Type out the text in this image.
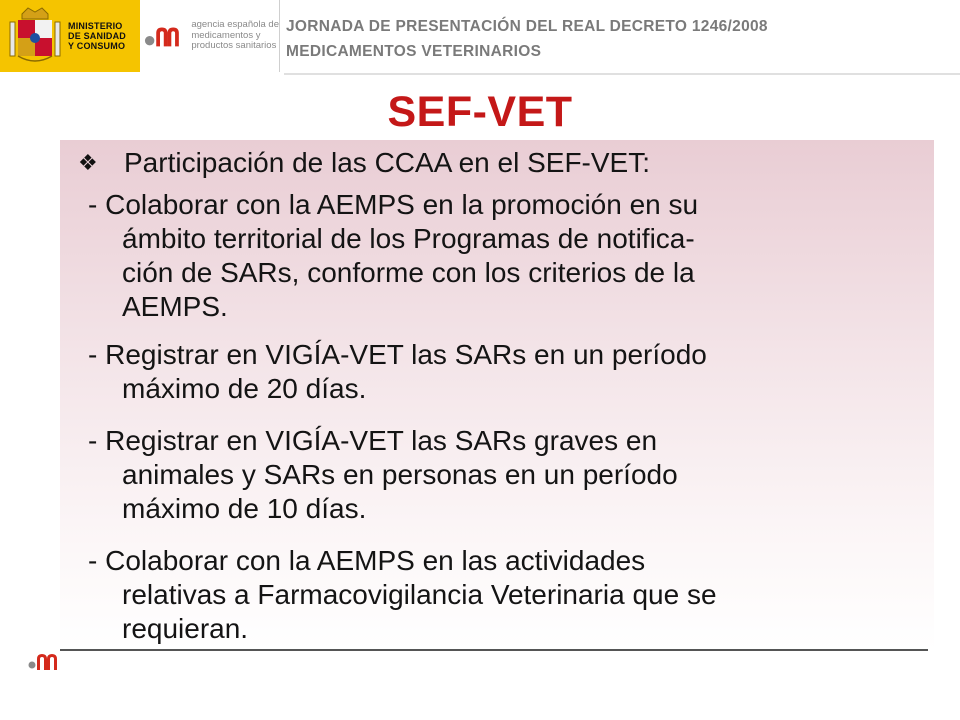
MINISTERIO
DE SANIDAD
Y CONSUMO
agencia española de
medicamentos y
productos sanitarios
JORNADA DE PRESENTACIÓN DEL REAL DECRETO 1246/2008
MEDICAMENTOS VETERINARIOS
SEF-VET
❖ Participación de las CCAA en el SEF-VET:
- Colaborar con la AEMPS en la promoción en su
ámbito territorial de los Programas de notifica-
ción de SARs, conforme con los criterios de la
AEMPS.
- Registrar en VIGÍA-VET las SARs en un período
máximo de 20 días.
- Registrar en VIGÍA-VET las SARs graves en
animales y SARs en personas en un período
máximo de 10 días.
- Colaborar con la AEMPS en las actividades
relativas a Farmacovigilancia Veterinaria que se
requieran.
